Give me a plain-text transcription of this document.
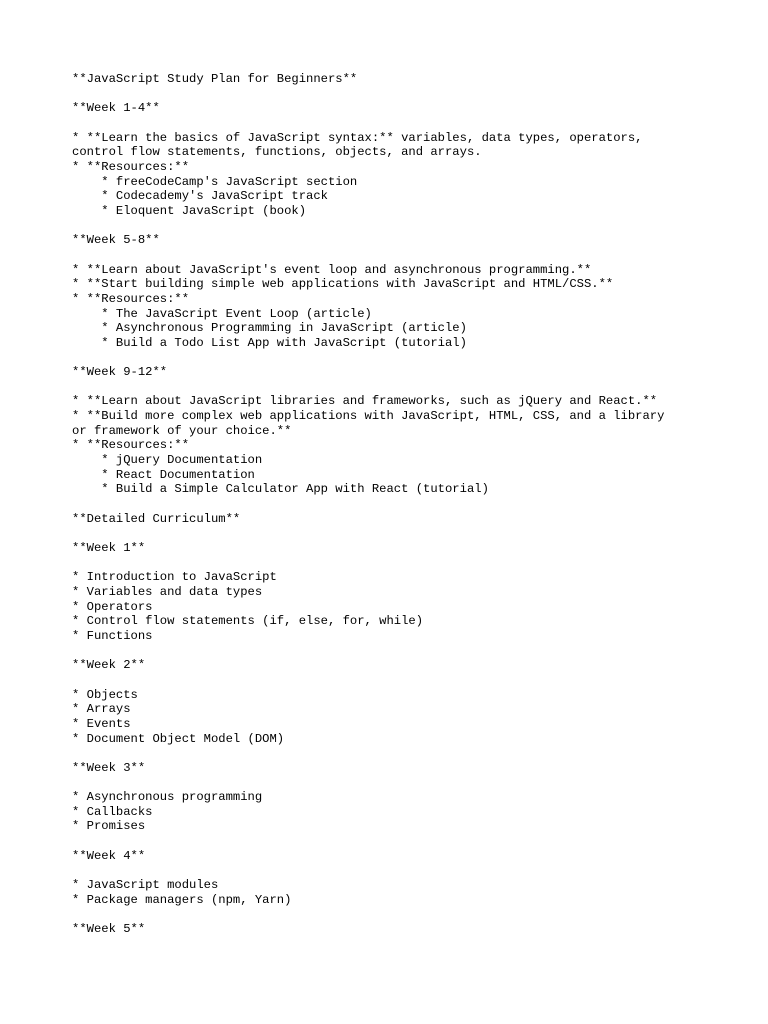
**JavaScript Study Plan for Beginners**
**Week 1-4**
* **Learn the basics of JavaScript syntax:** variables, data types, operators,
control flow statements, functions, objects, and arrays.
* **Resources:**
* freeCodeCamp's JavaScript section
* Codecademy's JavaScript track
* Eloquent JavaScript (book)
**Week 5-8**
* **Learn about JavaScript's event loop and asynchronous programming.**
* **Start building simple web applications with JavaScript and HTML/CSS.**
* **Resources:**
* The JavaScript Event Loop (article)
* Asynchronous Programming in JavaScript (article)
* Build a Todo List App with JavaScript (tutorial)
**Week 9-12**
* **Learn about JavaScript libraries and frameworks, such as jQuery and React.**
* **Build more complex web applications with JavaScript, HTML, CSS, and a library
or framework of your choice.**
* **Resources:**
* jQuery Documentation
* React Documentation
* Build a Simple Calculator App with React (tutorial)
**Detailed Curriculum**
**Week 1**
* Introduction to JavaScript
* Variables and data types
* Operators
* Control flow statements (if, else, for, while)
* Functions
**Week 2**
* Objects
* Arrays
* Events
* Document Object Model (DOM)
**Week 3**
* Asynchronous programming
* Callbacks
* Promises
**Week 4**
* JavaScript modules
* Package managers (npm, Yarn)
**Week 5**
